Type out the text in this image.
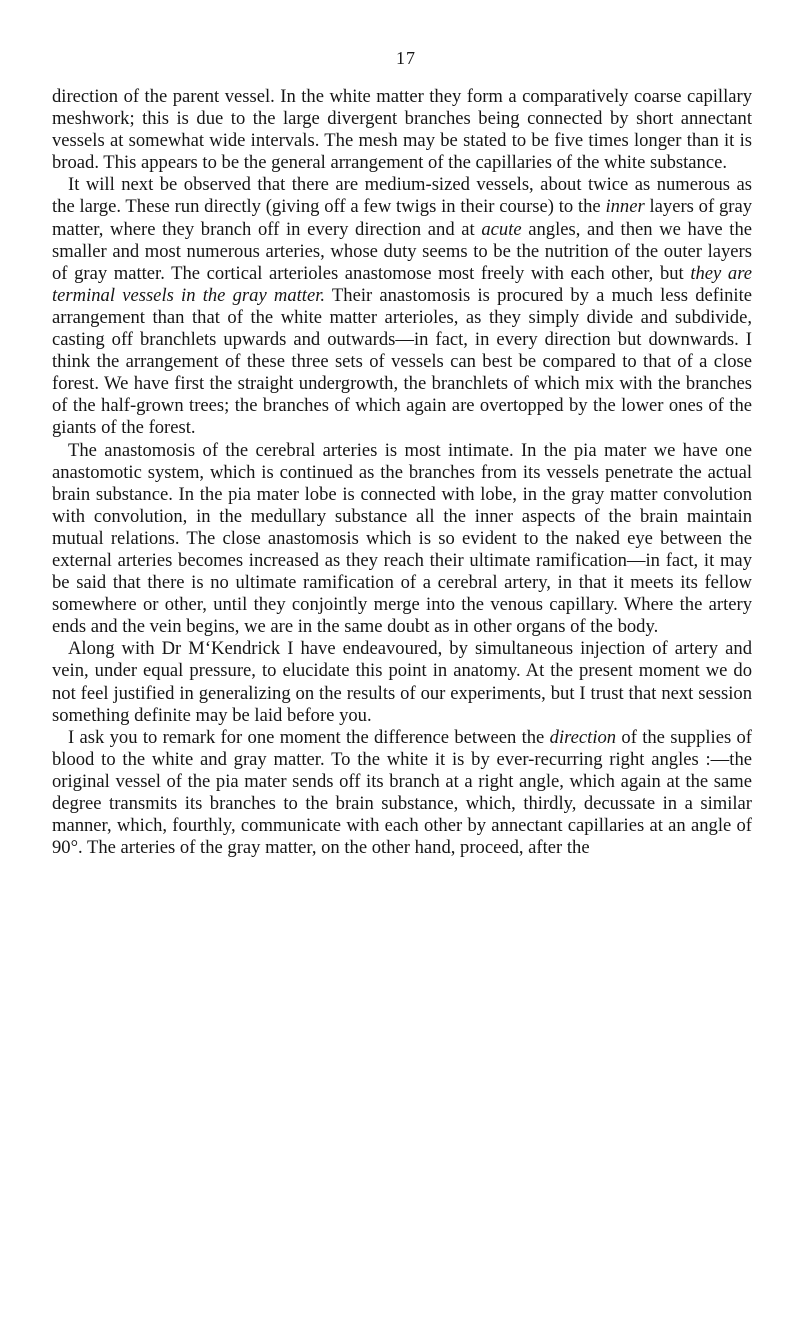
17

direction of the parent vessel. In the white matter they form a comparatively coarse capillary meshwork; this is due to the large divergent branches being connected by short annectant vessels at somewhat wide intervals. The mesh may be stated to be five times longer than it is broad. This appears to be the general arrangement of the capillaries of the white substance.

It will next be observed that there are medium-sized vessels, about twice as numerous as the large. These run directly (giving off a few twigs in their course) to the inner layers of gray matter, where they branch off in every direction and at acute angles, and then we have the smaller and most numerous arteries, whose duty seems to be the nutrition of the outer layers of gray matter. The cortical arterioles anastomose most freely with each other, but they are terminal vessels in the gray matter. Their anastomosis is procured by a much less definite arrangement than that of the white matter arterioles, as they simply divide and subdivide, casting off branchlets upwards and outwards—in fact, in every direction but downwards. I think the arrangement of these three sets of vessels can best be compared to that of a close forest. We have first the straight undergrowth, the branchlets of which mix with the branches of the half-grown trees; the branches of which again are overtopped by the lower ones of the giants of the forest.

The anastomosis of the cerebral arteries is most intimate. In the pia mater we have one anastomotic system, which is continued as the branches from its vessels penetrate the actual brain substance. In the pia mater lobe is connected with lobe, in the gray matter convolution with convolution, in the medullary substance all the inner aspects of the brain maintain mutual relations. The close anastomosis which is so evident to the naked eye between the external arteries becomes increased as they reach their ultimate ramification—in fact, it may be said that there is no ultimate ramification of a cerebral artery, in that it meets its fellow somewhere or other, until they conjointly merge into the venous capillary. Where the artery ends and the vein begins, we are in the same doubt as in other organs of the body.

Along with Dr M‘Kendrick I have endeavoured, by simultaneous injection of artery and vein, under equal pressure, to elucidate this point in anatomy. At the present moment we do not feel justified in generalizing on the results of our experiments, but I trust that next session something definite may be laid before you.

I ask you to remark for one moment the difference between the direction of the supplies of blood to the white and gray matter. To the white it is by ever-recurring right angles :—the original vessel of the pia mater sends off its branch at a right angle, which again at the same degree transmits its branches to the brain substance, which, thirdly, decussate in a similar manner, which, fourthly, communicate with each other by annectant capillaries at an angle of 90°. The arteries of the gray matter, on the other hand, proceed, after the
